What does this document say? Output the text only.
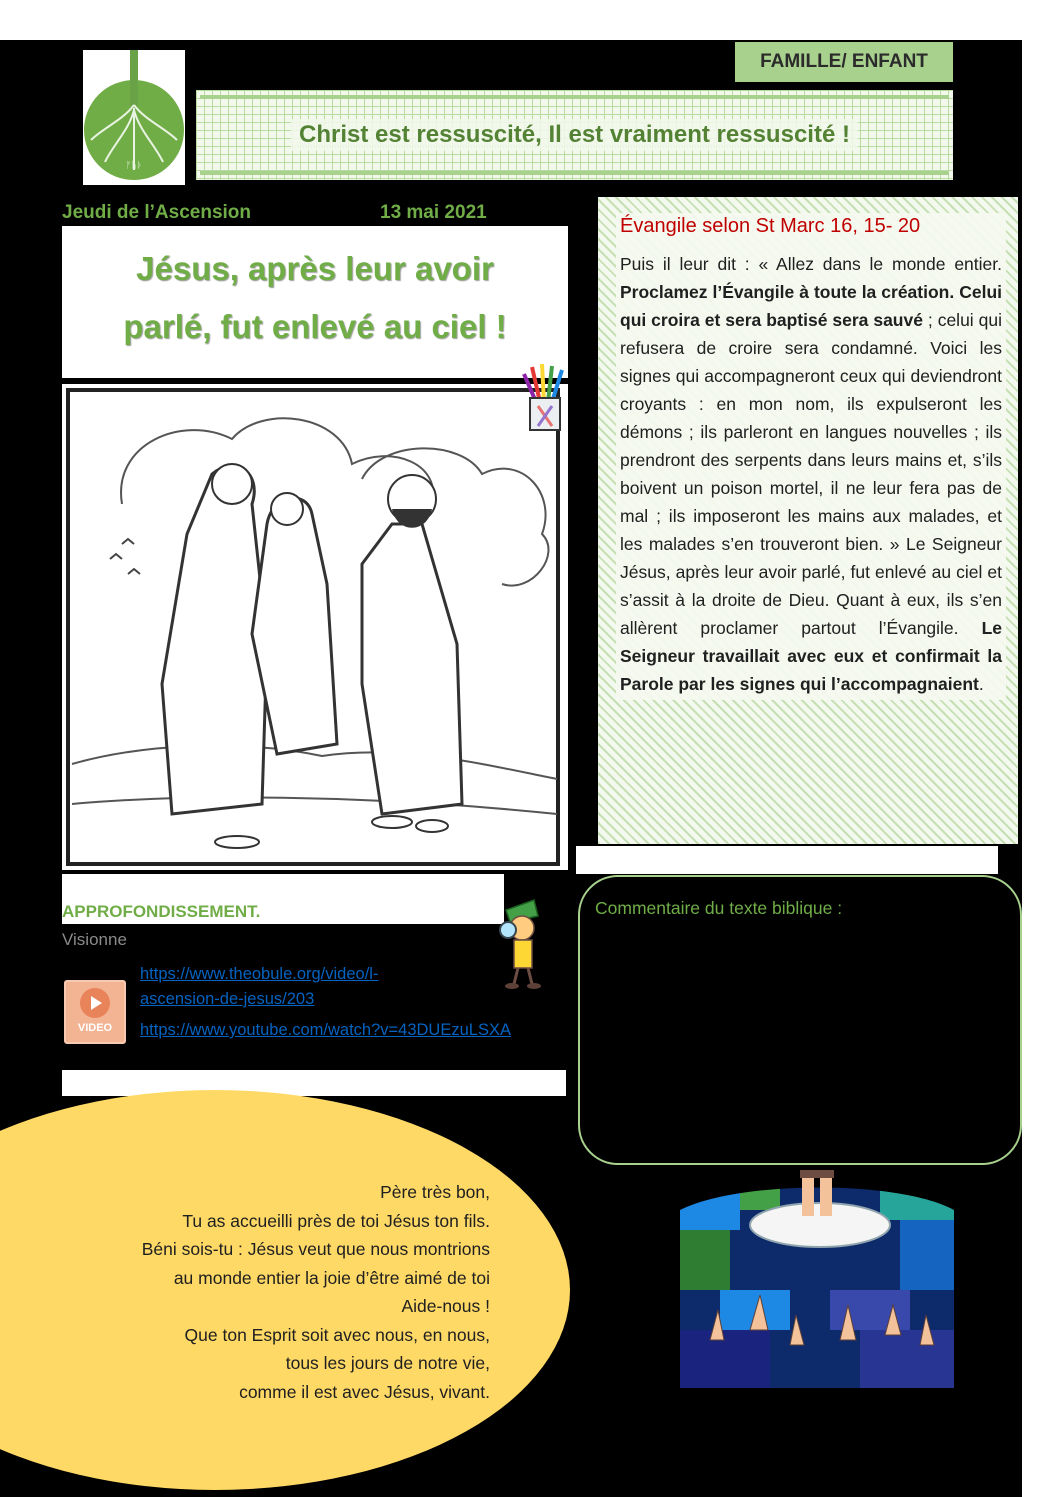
ᚠᚢᚦ
FAMILLE/ ENFANT
Christ est ressuscité, Il est vraiment ressuscité !
Jeudi de l’Ascension	13 mai 2021
Jésus, après leur avoir
parlé, fut enlevé au ciel !
Évangile selon St Marc 16, 15- 20

Puis il leur dit : « Allez dans le monde entier. Proclamez l’Évangile à toute la création. Celui qui croira et sera baptisé sera sauvé ; celui qui refusera de croire sera condamné. Voici les signes qui accompagneront ceux qui deviendront croyants : en mon nom, ils expulseront les démons ; ils parleront en langues nouvelles ; ils prendront des serpents dans leurs mains et, s’ils boivent un poison mortel, il ne leur fera pas de mal ; ils imposeront les mains aux malades, et les malades s’en trouveront bien. » Le Seigneur Jésus, après leur avoir parlé, fut enlevé au ciel et s’assit à la droite de Dieu. Quant à eux, ils s’en allèrent proclamer partout l’Évangile. Le Seigneur travaillait avec eux et confirmait la Parole par les signes qui l’accompagnaient.

APPROFONDISSEMENT.
Visionne
VIDEO
https://www.theobule.org/video/l-
ascension-de-jesus/203
https://www.youtube.com/watch?v=43DUEzuLSXA
Commentaire du texte biblique :
Père très bon,
Tu as accueilli près de toi Jésus ton fils.
Béni sois-tu : Jésus veut que nous montrions
au monde entier la joie d’être aimé de toi
Aide-nous !
Que ton Esprit soit avec nous, en nous,
tous les jours de notre vie,
comme il est avec Jésus, vivant.
